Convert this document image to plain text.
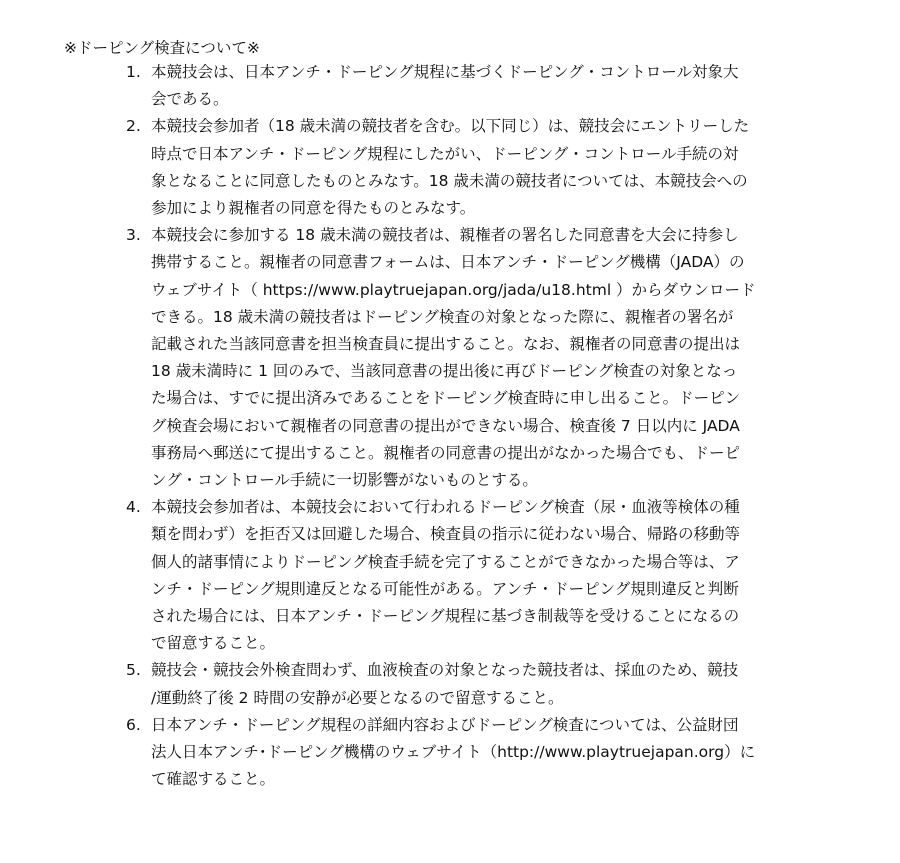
※ドーピング検査について※
1. 本競技会は、日本アンチ・ドーピング規程に基づくドーピング・コントロール対象大
会である。
2. 本競技会参加者（18 歳未満の競技者を含む。以下同じ）は、競技会にエントリーした
時点で日本アンチ・ドーピング規程にしたがい、ドーピング・コントロール手続の対
象となることに同意したものとみなす。18 歳未満の競技者については、本競技会への
参加により親権者の同意を得たものとみなす。
3. 本競技会に参加する 18 歳未満の競技者は、親権者の署名した同意書を大会に持参し
携帯すること。親権者の同意書フォームは、日本アンチ・ドーピング機構（JADA）の
ウェブサイト（ https://www.playtruejapan.org/jada/u18.html ）からダウンロード
できる。18 歳未満の競技者はドーピング検査の対象となった際に、親権者の署名が
記載された当該同意書を担当検査員に提出すること。なお、親権者の同意書の提出は
18 歳未満時に 1 回のみで、当該同意書の提出後に再びドーピング検査の対象となっ
た場合は、すでに提出済みであることをドーピング検査時に申し出ること。ドーピン
グ検査会場において親権者の同意書の提出ができない場合、検査後 7 日以内に JADA
事務局へ郵送にて提出すること。親権者の同意書の提出がなかった場合でも、ドーピ
ング・コントロール手続に一切影響がないものとする。
4. 本競技会参加者は、本競技会において行われるドーピング検査（尿・血液等検体の種
類を問わず）を拒否又は回避した場合、検査員の指示に従わない場合、帰路の移動等
個人的諸事情によりドーピング検査手続を完了することができなかった場合等は、ア
ンチ・ドーピング規則違反となる可能性がある。アンチ・ドーピング規則違反と判断
された場合には、日本アンチ・ドーピング規程に基づき制裁等を受けることになるの
で留意すること。
5. 競技会・競技会外検査問わず、血液検査の対象となった競技者は、採血のため、競技
/運動終了後 2 時間の安静が必要となるので留意すること。
6. 日本アンチ・ドーピング規程の詳細内容およびドーピング検査については、公益財団
法人日本アンチ･ドーピング機構のウェブサイト（http://www.playtruejapan.org）に
て確認すること。
